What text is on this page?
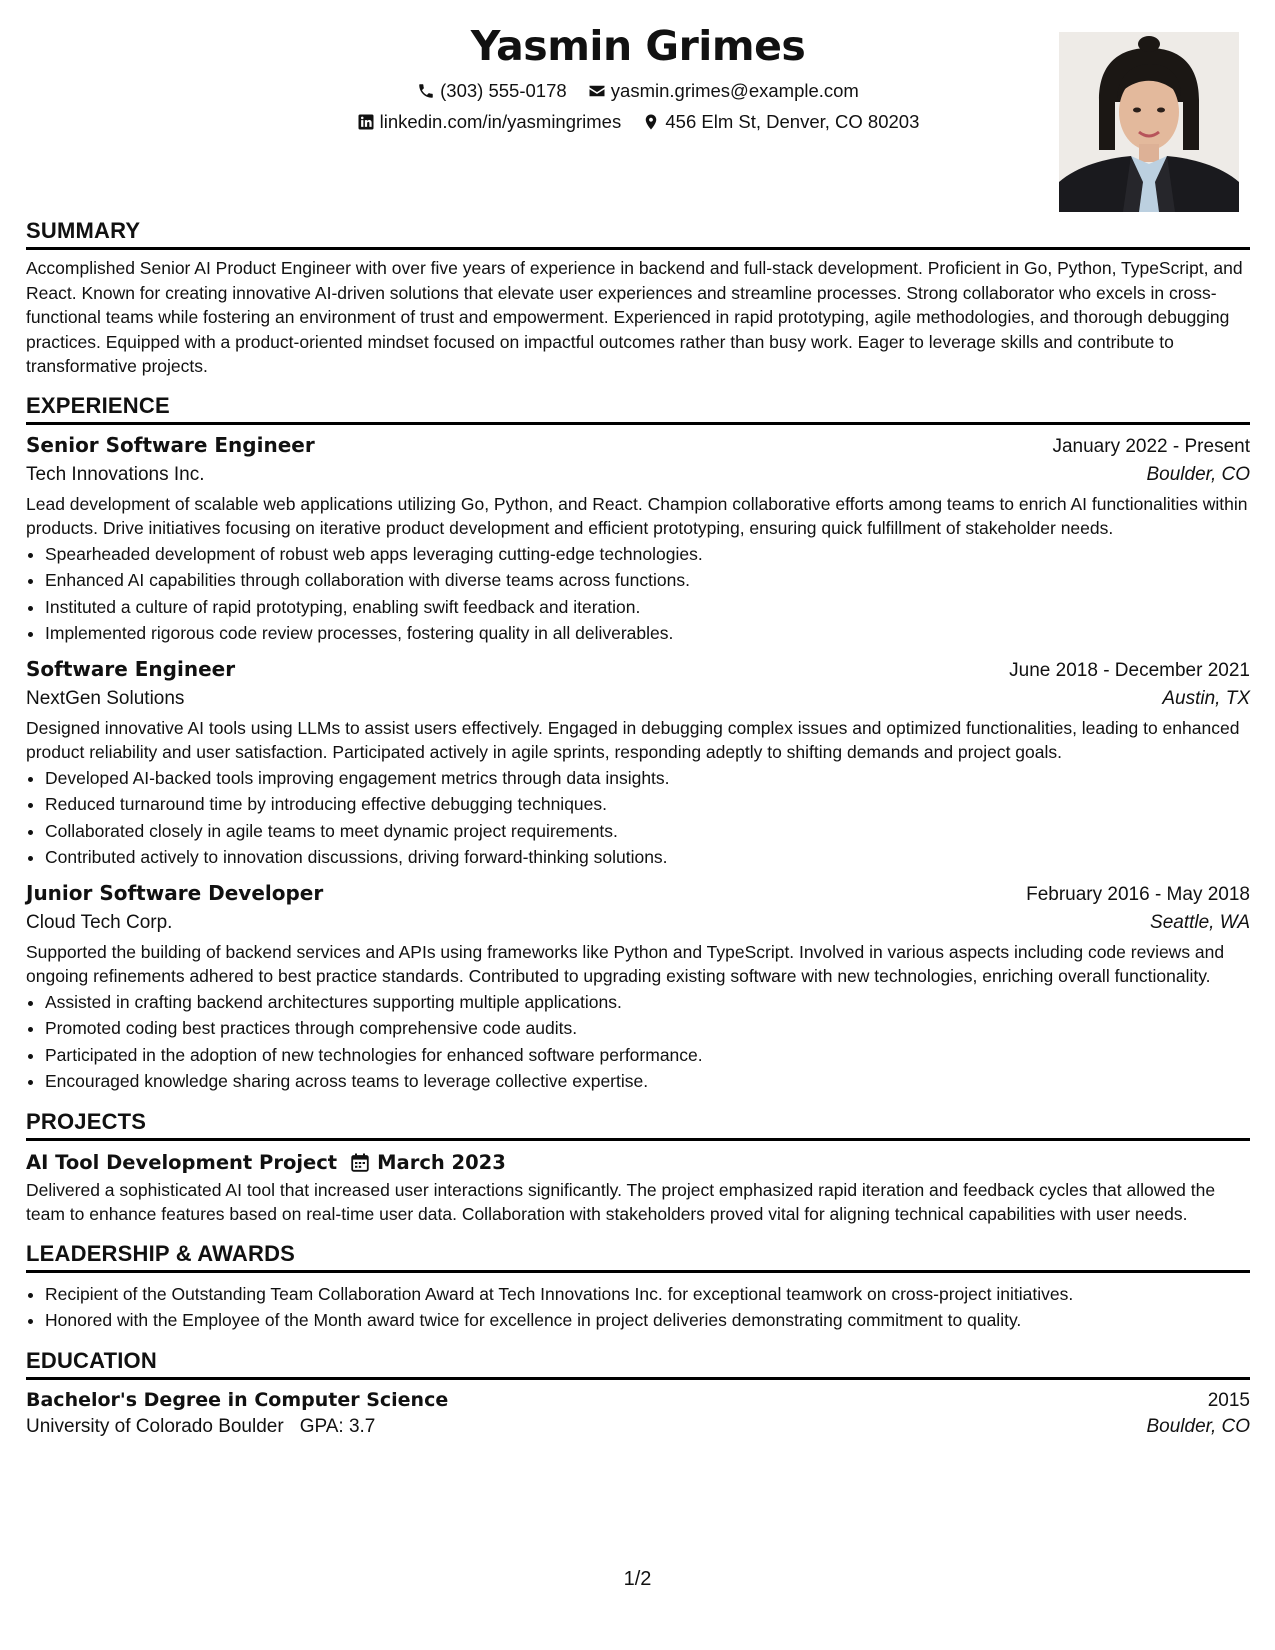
Yasmin Grimes
(303) 555-0178
yasmin.grimes@example.com
linkedin.com/in/yasmingrimes
456 Elm St, Denver, CO 80203
SUMMARY

Accomplished Senior AI Product Engineer with over five years of experience in backend and full-stack development. Proficient in Go, Python, TypeScript, and React. Known for creating innovative AI-driven solutions that elevate user experiences and streamline processes. Strong collaborator who excels in cross-functional teams while fostering an environment of trust and empowerment. Experienced in rapid prototyping, agile methodologies, and thorough debugging practices. Equipped with a product-oriented mindset focused on impactful outcomes rather than busy work. Eager to leverage skills and contribute to transformative projects.

EXPERIENCE
Senior Software Engineer	January 2022 - Present
Tech Innovations Inc.	Boulder, CO

Lead development of scalable web applications utilizing Go, Python, and React. Champion collaborative efforts among teams to enrich AI functionalities within products. Drive initiatives focusing on iterative product development and efficient prototyping, ensuring quick fulfillment of stakeholder needs.

• Spearheaded development of robust web apps leveraging cutting-edge technologies.
• Enhanced AI capabilities through collaboration with diverse teams across functions.
• Instituted a culture of rapid prototyping, enabling swift feedback and iteration.
• Implemented rigorous code review processes, fostering quality in all deliverables.
Software Engineer	June 2018 - December 2021
NextGen Solutions	Austin, TX

Designed innovative AI tools using LLMs to assist users effectively. Engaged in debugging complex issues and optimized functionalities, leading to enhanced product reliability and user satisfaction. Participated actively in agile sprints, responding adeptly to shifting demands and project goals.

• Developed AI-backed tools improving engagement metrics through data insights.
• Reduced turnaround time by introducing effective debugging techniques.
• Collaborated closely in agile teams to meet dynamic project requirements.
• Contributed actively to innovation discussions, driving forward-thinking solutions.
Junior Software Developer	February 2016 - May 2018
Cloud Tech Corp.	Seattle, WA

Supported the building of backend services and APIs using frameworks like Python and TypeScript. Involved in various aspects including code reviews and ongoing refinements adhered to best practice standards. Contributed to upgrading existing software with new technologies, enriching overall functionality.

• Assisted in crafting backend architectures supporting multiple applications.
• Promoted coding best practices through comprehensive code audits.
• Participated in the adoption of new technologies for enhanced software performance.
• Encouraged knowledge sharing across teams to leverage collective expertise.
PROJECTS
AI Tool Development Project March 2023

Delivered a sophisticated AI tool that increased user interactions significantly. The project emphasized rapid iteration and feedback cycles that allowed the team to enhance features based on real-time user data. Collaboration with stakeholders proved vital for aligning technical capabilities with user needs.

LEADERSHIP & AWARDS
• Recipient of the Outstanding Team Collaboration Award at Tech Innovations Inc. for exceptional teamwork on cross-project initiatives.
• Honored with the Employee of the Month award twice for excellence in project deliveries demonstrating commitment to quality.
EDUCATION
Bachelor's Degree in Computer Science	2015
University of Colorado Boulder GPA: 3.7	Boulder, CO
1/2
